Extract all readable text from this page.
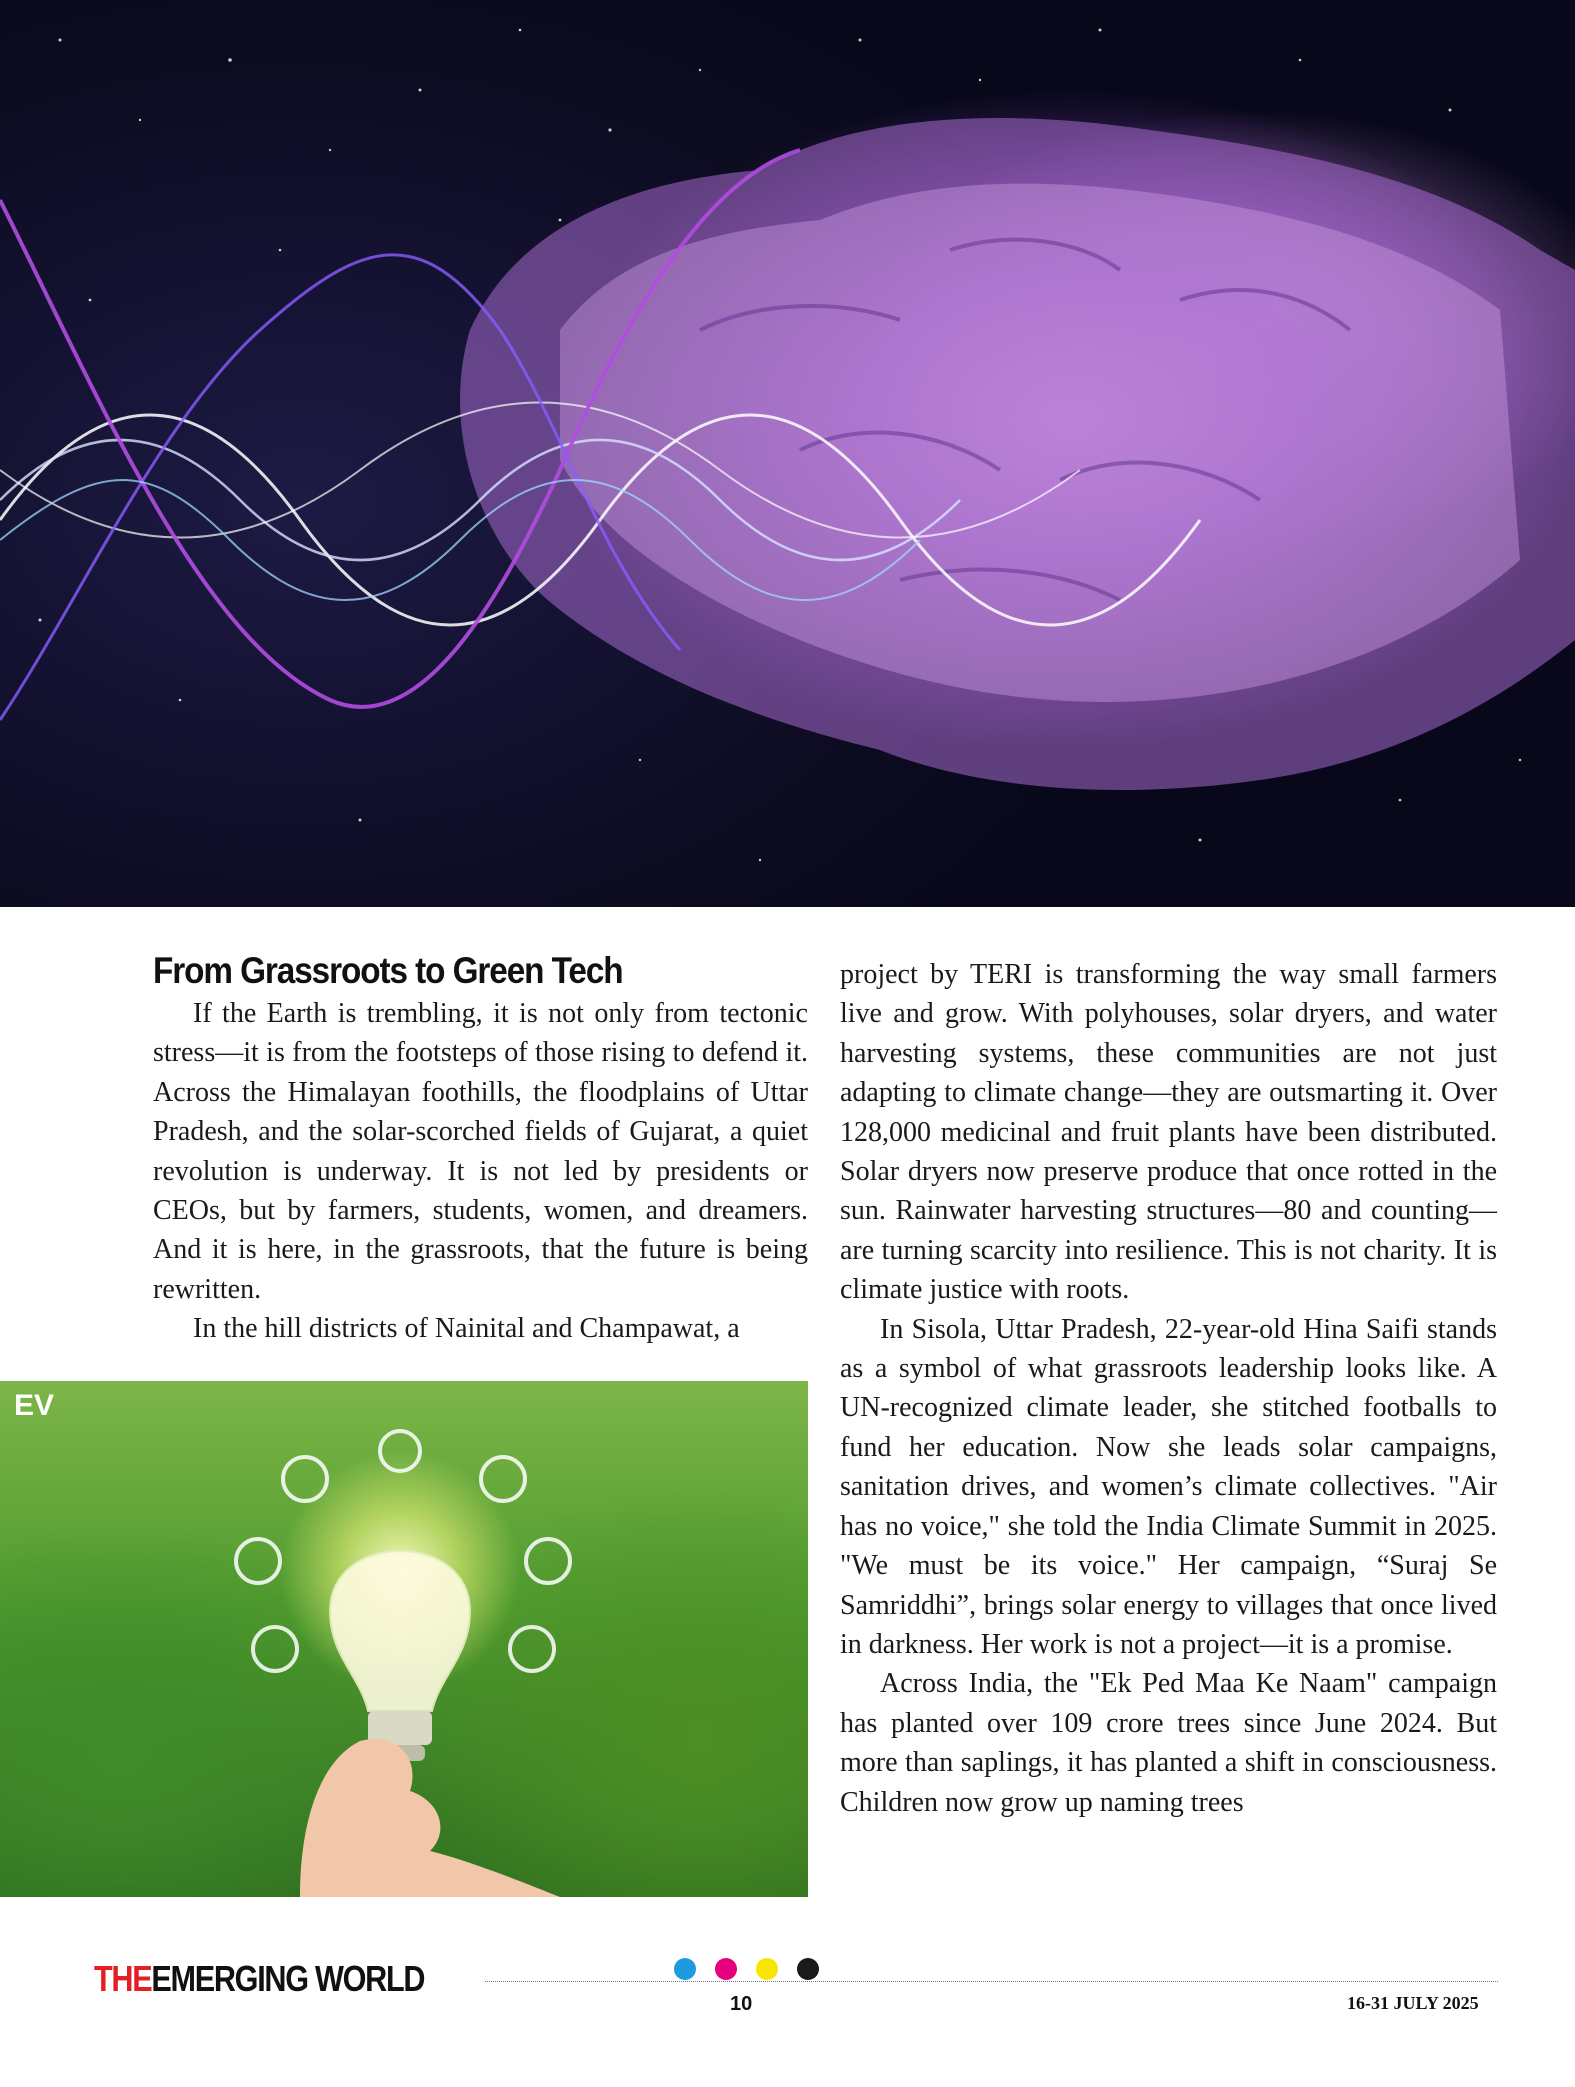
From Grassroots to Green Tech

If the Earth is trembling, it is not only from tectonic stress—it is from the footsteps of those rising to defend it. Across the Himalayan foothills, the floodplains of Uttar Pradesh, and the solar-scorched fields of Gujarat, a quiet revolution is underway. It is not led by presidents or CEOs, but by farmers, students, women, and dreamers. And it is here, in the grassroots, that the future is being rewritten.

In the hill districts of Nainital and Champawat, a

EV

project by TERI is transforming the way small farmers live and grow. With polyhouses, solar dryers, and water harvesting systems, these communities are not just adapting to climate change—they are outsmarting it. Over 128,000 medicinal and fruit plants have been distributed. Solar dryers now preserve produce that once rotted in the sun. Rainwater harvesting structures—80 and counting—are turning scarcity into resilience. This is not charity. It is climate justice with roots.

In Sisola, Uttar Pradesh, 22-year-old Hina Saifi stands as a symbol of what grassroots leadership looks like. A UN-recognized climate leader, she stitched footballs to fund her education. Now she leads solar campaigns, sanitation drives, and women’s climate collectives. "Air has no voice," she told the India Climate Summit in 2025. "We must be its voice." Her campaign, “Suraj Se Samriddhi”, brings solar energy to villages that once lived in darkness. Her work is not a project—it is a promise.

Across India, the "Ek Ped Maa Ke Naam" campaign has planted over 109 crore trees since June 2024. But more than saplings, it has planted a shift in consciousness. Children now grow up naming trees

THEEMERGING WORLD
10	16-31 JULY 2025
